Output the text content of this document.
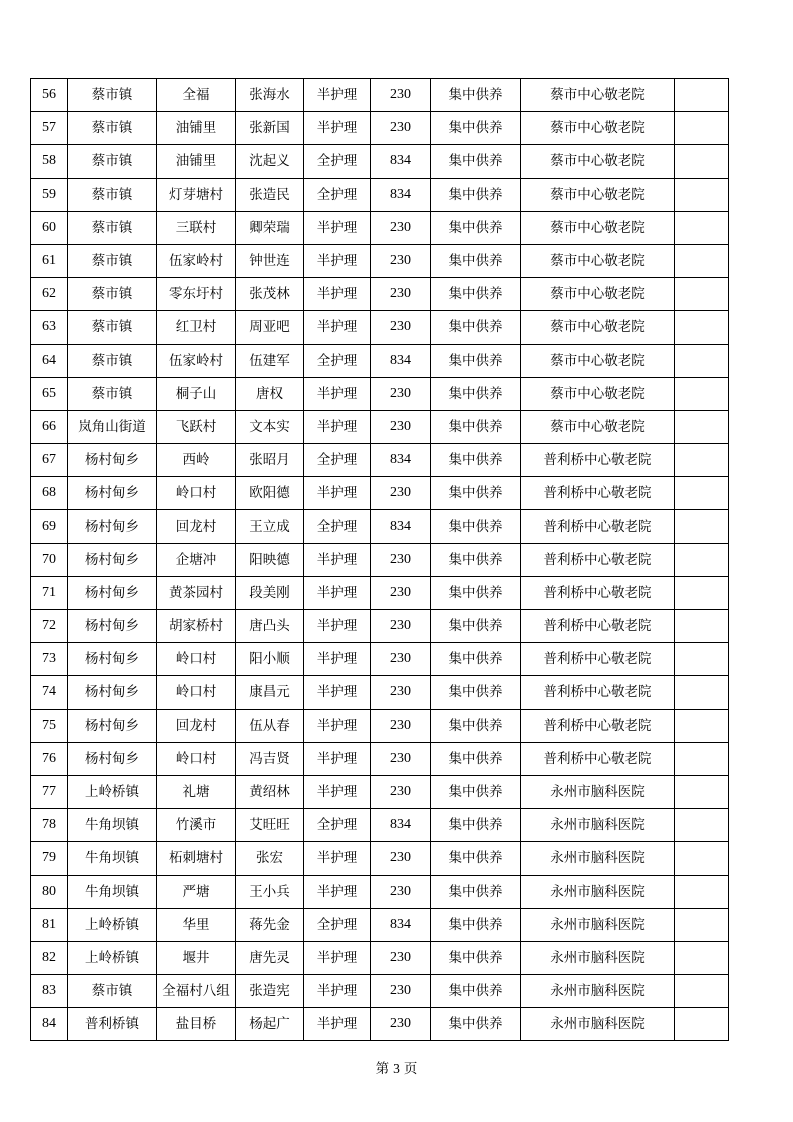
56	蔡市镇	全福	张海水	半护理	230	集中供养	蔡市中心敬老院	
57	蔡市镇	油铺里	张新国	半护理	230	集中供养	蔡市中心敬老院	
58	蔡市镇	油铺里	沈起义	全护理	834	集中供养	蔡市中心敬老院	
59	蔡市镇	灯芽塘村	张造民	全护理	834	集中供养	蔡市中心敬老院	
60	蔡市镇	三联村	卿荣瑞	半护理	230	集中供养	蔡市中心敬老院	
61	蔡市镇	伍家岭村	钟世连	半护理	230	集中供养	蔡市中心敬老院	
62	蔡市镇	零东圩村	张茂林	半护理	230	集中供养	蔡市中心敬老院	
63	蔡市镇	红卫村	周亚吧	半护理	230	集中供养	蔡市中心敬老院	
64	蔡市镇	伍家岭村	伍建军	全护理	834	集中供养	蔡市中心敬老院	
65	蔡市镇	桐子山	唐权	半护理	230	集中供养	蔡市中心敬老院	
66	岚角山街道	飞跃村	文本实	半护理	230	集中供养	蔡市中心敬老院	
67	杨村甸乡	西岭	张昭月	全护理	834	集中供养	普利桥中心敬老院	
68	杨村甸乡	岭口村	欧阳德	半护理	230	集中供养	普利桥中心敬老院	
69	杨村甸乡	回龙村	王立成	全护理	834	集中供养	普利桥中心敬老院	
70	杨村甸乡	企塘冲	阳映德	半护理	230	集中供养	普利桥中心敬老院	
71	杨村甸乡	黄茶园村	段美刚	半护理	230	集中供养	普利桥中心敬老院	
72	杨村甸乡	胡家桥村	唐凸头	半护理	230	集中供养	普利桥中心敬老院	
73	杨村甸乡	岭口村	阳小顺	半护理	230	集中供养	普利桥中心敬老院	
74	杨村甸乡	岭口村	康昌元	半护理	230	集中供养	普利桥中心敬老院	
75	杨村甸乡	回龙村	伍从春	半护理	230	集中供养	普利桥中心敬老院	
76	杨村甸乡	岭口村	冯吉贤	半护理	230	集中供养	普利桥中心敬老院	
77	上岭桥镇	礼塘	黄绍林	半护理	230	集中供养	永州市脑科医院	
78	牛角坝镇	竹溪市	艾旺旺	全护理	834	集中供养	永州市脑科医院	
79	牛角坝镇	柘刺塘村	张宏	半护理	230	集中供养	永州市脑科医院	
80	牛角坝镇	严塘	王小兵	半护理	230	集中供养	永州市脑科医院	
81	上岭桥镇	华里	蒋先金	全护理	834	集中供养	永州市脑科医院	
82	上岭桥镇	堰井	唐先灵	半护理	230	集中供养	永州市脑科医院	
83	蔡市镇	全福村八组	张造宪	半护理	230	集中供养	永州市脑科医院	
84	普利桥镇	盐目桥	杨起广	半护理	230	集中供养	永州市脑科医院	
第 3 页
